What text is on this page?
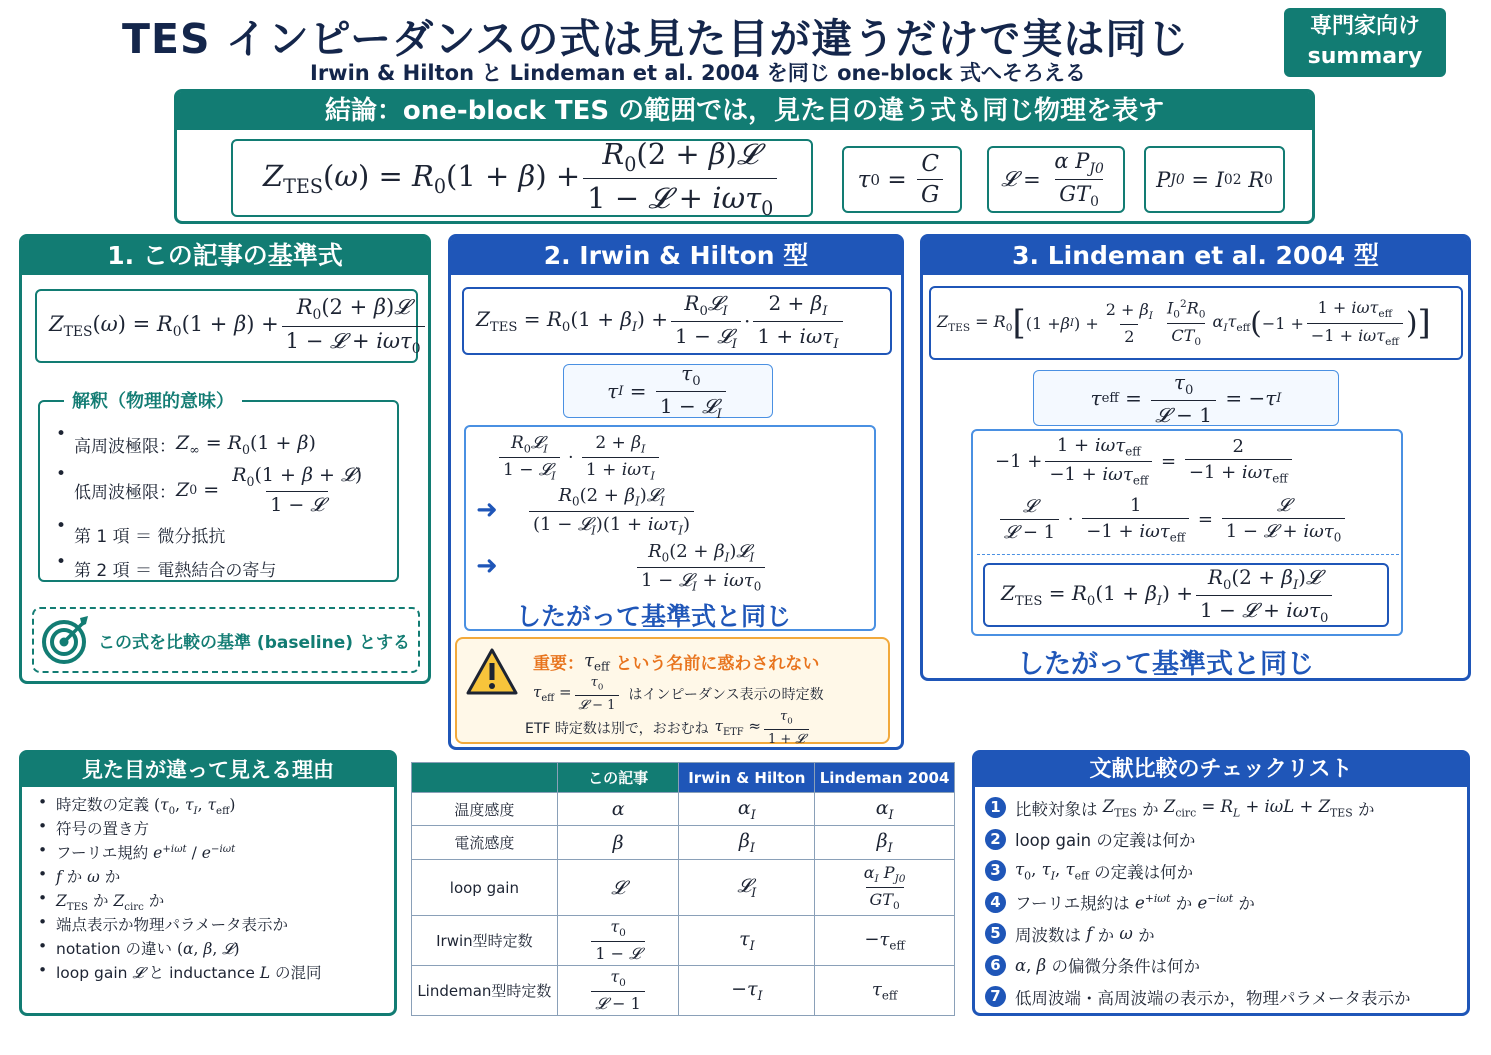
TES インピーダンスの式は見た目が違うだけで実は同じ
Irwin & Hilton と Lindeman et al. 2004 を同じ one-block 式へそろえる
専門家向け
summary
結論：one-block TES の範囲では，見た目の違う式も同じ物理を表す
$Z_{TES}(\omega) = R_0(1 + \beta) + \frac{R_0(2 + \beta)𝓛}{1 - 𝓛 + i\omega\tau_0}$	τ $0 = \frac{C}{G}$	𝓛 = $\frac{\alpha P_{J0}}{GT_0}$	P J0 = I 0 2 R 0
1. この記事の基準式
$Z_{TES}(\omega) = R_0(1 + \beta) + \frac{R_0(2 + \beta)𝓛}{1 - 𝓛 + i\omega\tau_0}$
解釈（物理的意味）
• 高周波極限： $Z_\infty = R_0(1 + \beta)$
• 低周波極限： Z $0 = \frac{R_0(1 + \beta + 𝓛)}{\text{1 − 𝓛}}$
• 第 1 項 ＝ 微分抵抗
• 第 2 項 ＝ 電熱結合の寄与
この式を比較の基準 (baseline) とする
2. Irwin & Hilton 型
$Z_{TES} = R_0(1 + \beta_I) + \frac{R_0𝓛_I}{1 - 𝓛_I} \cdot \frac{2 + \beta_I}{1 + i\omega\tau_I}$
τ $I = \frac{\tau_0}{1 - 𝓛_I}$
$\frac{R_0𝓛_I}{1 - 𝓛_I} \cdot \frac{2 + \beta_I}{1 + i\omega\tau_I}$
➜ $\frac{R_0(2 + \beta_I)𝓛_I}{(1 - 𝓛_I)(1 + i\omega\tau_I)}$
➜	$\frac{R_0(2 + \beta_I)𝓛_I}{1 - 𝓛_I + i\omega\tau_0}$
したがって基準式と同じ
重要： $\tau_{eff}$ という名前に惑わされない
$\tau_{eff} = \frac{\tau_0}{\text{𝓛 − 1}}$ はインピーダンス表示の時定数
ETF 時定数は別で，おおむね $\tau_{ETF} \approx \frac{\tau_0}{\text{1 + 𝓛}}$
3. Lindeman et al. 2004 型
$Z_{TES} = R_0$ [ (1 + β I ) + $\frac{2 + \beta_I}{2} \frac{I_0^2R_0}{CT_0} \alpha_I\tau_{eff}$ ( $-1 + \frac{1 + i\omega\tau_{eff}}{-1 + i\omega\tau_{eff}}$ ) ]
τ eff = $\frac{\tau_0}{\text{𝓛 − 1}}$ = − τ I
$-1 + \frac{1 + i\omega\tau_{eff}}{-1 + i\omega\tau_{eff}} = \frac{2}{-1 + i\omega\tau_{eff}}$
$\frac{\text{𝓛}}{\text{𝓛 − 1}} \cdot \frac{1}{-1 + i\omega\tau_{eff}} = \frac{\text{𝓛}}{1 - 𝓛 + i\omega\tau_0}$
$Z_{TES} = R_0(1 + \beta_I) + \frac{R_0(2 + \beta_I)𝓛}{1 - 𝓛 + i\omega\tau_0}$
したがって基準式と同じ
見た目が違って見える理由
• 時定数の定義 ($\tau_0$, $\tau_I$, $\tau_{eff}$)
• 符号の置き方
• フーリエ規約 $e^{+i\omega t} / e^{-i\omega t}$
• f か ω か
• $Z_{TES}$ か $Z_{circ}$ か
• 端点表示か物理パラメータ表示か
• notation の違い (α, β, 𝓛)
• loop gain 𝓛 と inductance L の混同
	この記事	Irwin & Hilton	Lindeman 2004
温度感度	α	$\alpha_I$	$\alpha_I$
電流感度	β	$\beta_I$	$\beta_I$
loop gain	𝓛	𝓛$_I$	$\frac{\alpha_I P_{J0}}{GT_0}$

Irwin型時定数	$\frac{\tau_0}{\text{1 − 𝓛}}$	$\tau_I$	$-\tau_{eff}$
Lindeman型時定数	$\frac{\tau_0}{\text{𝓛 − 1}}$	$-\tau_I$	$\tau_{eff}$
文献比較のチェックリスト
1 比較対象は
$Z_{TES}$
か
$Z_{circ} = R_L + i\omega L + Z_{TES}$
か
2 loop gain の定義は何か
3 $\tau_0$, $\tau_I$, $\tau_{eff}$
の定義は何か
4 フーリエ規約は
$e^{+i\omega t}$
か
$e^{-i\omega t}$
か
5 周波数は
f
か
ω
か
6 α, β
の偏微分条件は何か
7 低周波端・高周波端の表示か，物理パラメータ表示か
